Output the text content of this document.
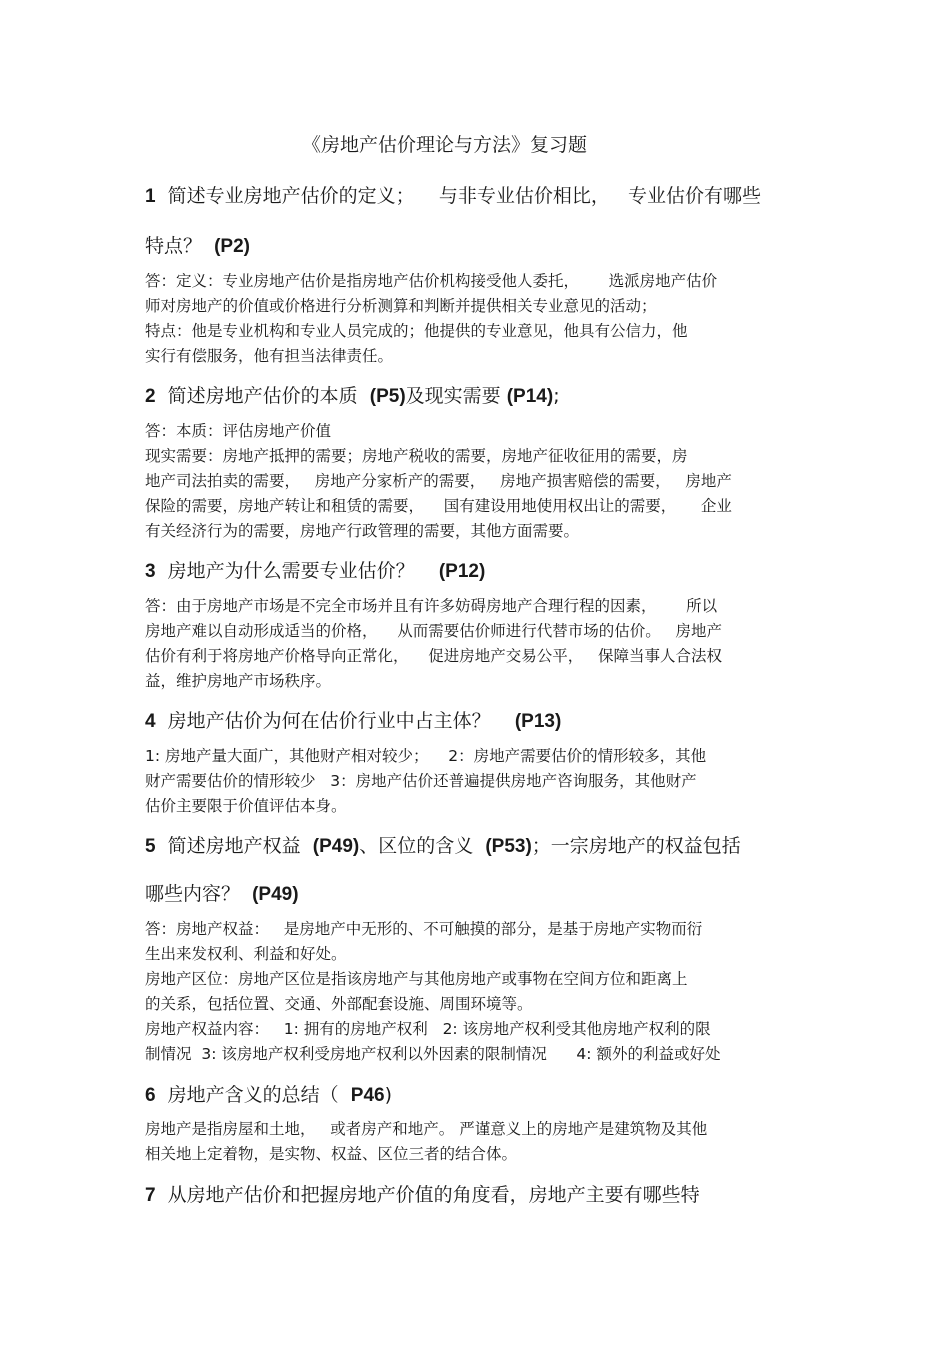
《房地产估价理论与方法》复习题
1 简述专业房地产估价的定义；    与非专业估价相比，   专业估价有哪些
特点？ (P2)
答：定义：专业房地产估价是指房地产估价机构接受他人委托，      选派房地产估价
师对房地产的价值或价格进行分析测算和判断并提供相关专业意见的活动；
特点：他是专业机构和专业人员完成的；他提供的专业意见，他具有公信力，他
实行有偿服务，他有担当法律责任。
2 简述房地产估价的本质  (P5)及现实需要 (P14);
答：本质：评估房地产价值
现实需要：房地产抵押的需要；房地产税收的需要，房地产征收征用的需要，房
地产司法拍卖的需要，   房地产分家析产的需要，   房地产损害赔偿的需要，   房地产
保险的需要，房地产转让和租赁的需要，    国有建设用地使用权出让的需要，     企业
有关经济行为的需要，房地产行政管理的需要，其他方面需要。
3 房地产为什么需要专业估价？    (P12)
答：由于房地产市场是不完全市场并且有许多妨碍房地产合理行程的因素，      所以
房地产难以自动形成适当的价格，    从而需要估价师进行代替市场的估价。   房地产
估价有利于将房地产价格导向正常化，    促进房地产交易公平，   保障当事人合法权
益，维护房地产市场秩序。
4 房地产估价为何在估价行业中占主体？    (P13)
1: 房地产量大面广，其他财产相对较少；    2：房地产需要估价的情形较多，其他
财产需要估价的情形较少   3：房地产估价还普遍提供房地产咨询服务，其他财产
估价主要限于价值评估本身。
5 简述房地产权益  (P49)、区位的含义  (P53)；一宗房地产的权益包括
哪些内容？ (P49)
答：房地产权益：   是房地产中无形的、不可触摸的部分，是基于房地产实物而衍
生出来发权利、利益和好处。
房地产区位：房地产区位是指该房地产与其他房地产或事物在空间方位和距离上
的关系，包括位置、交通、外部配套设施、周围环境等。
房地产权益内容：   1: 拥有的房地产权利   2: 该房地产权利受其他房地产权利的限
制情况  3: 该房地产权利受房地产权利以外因素的限制情况      4: 额外的利益或好处
6 房地产含义的总结（  P46)
房地产是指房屋和土地，   或者房产和地产。 严谨意义上的房地产是建筑物及其他
相关地上定着物，是实物、权益、区位三者的结合体。
7 从房地产估价和把握房地产价值的角度看，房地产主要有哪些特
